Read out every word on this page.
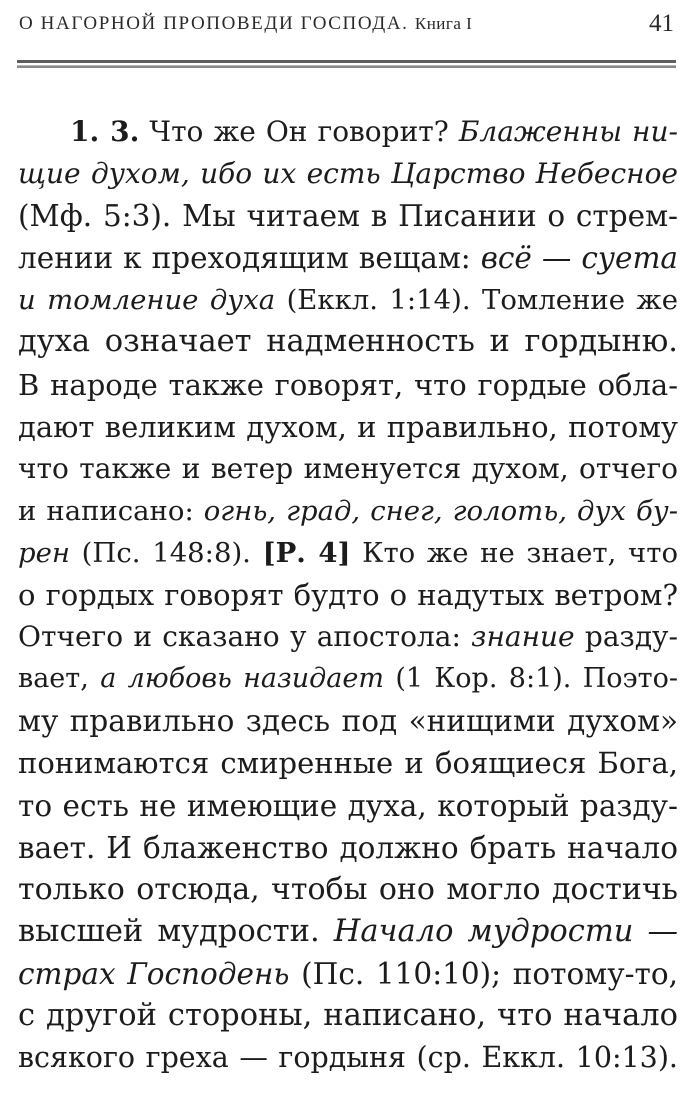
О НАГОРНОЙ ПРОПОВЕДИ ГОСПОДА. Книга I	41
1. 3. Что же Он говорит? Блаженны ни-
щие духом, ибо их есть Царство Небесное
(Мф. 5:3). Мы читаем в Писании о стрем-
лении к преходящим вещам: всё — суета
и томление духа (Еккл. 1:14). Томление же
духа означает надменность и гордыню.
В народе также говорят, что гордые обла-
дают великим духом, и правильно, потому
что также и ветер именуется духом, отчего
и написано: огнь, град, снег, голоть, дух бу-
рен (Пс. 148:8). [Р. 4] Кто же не знает, что
о гордых говорят будто о надутых ветром?
Отчего и сказано у апостола: знание разду-
вает, а любовь назидает (1 Кор. 8:1). Поэто-
му правильно здесь под «нищими духом»
понимаются смиренные и боящиеся Бога,
то есть не имеющие духа, который разду-
вает. И блаженство должно брать начало
только отсюда, чтобы оно могло достичь
высшей мудрости. Начало мудрости —
страх Господень (Пс. 110:10); потому-то,
с другой стороны, написано, что начало
всякого греха — гордыня (ср. Еккл. 10:13).
